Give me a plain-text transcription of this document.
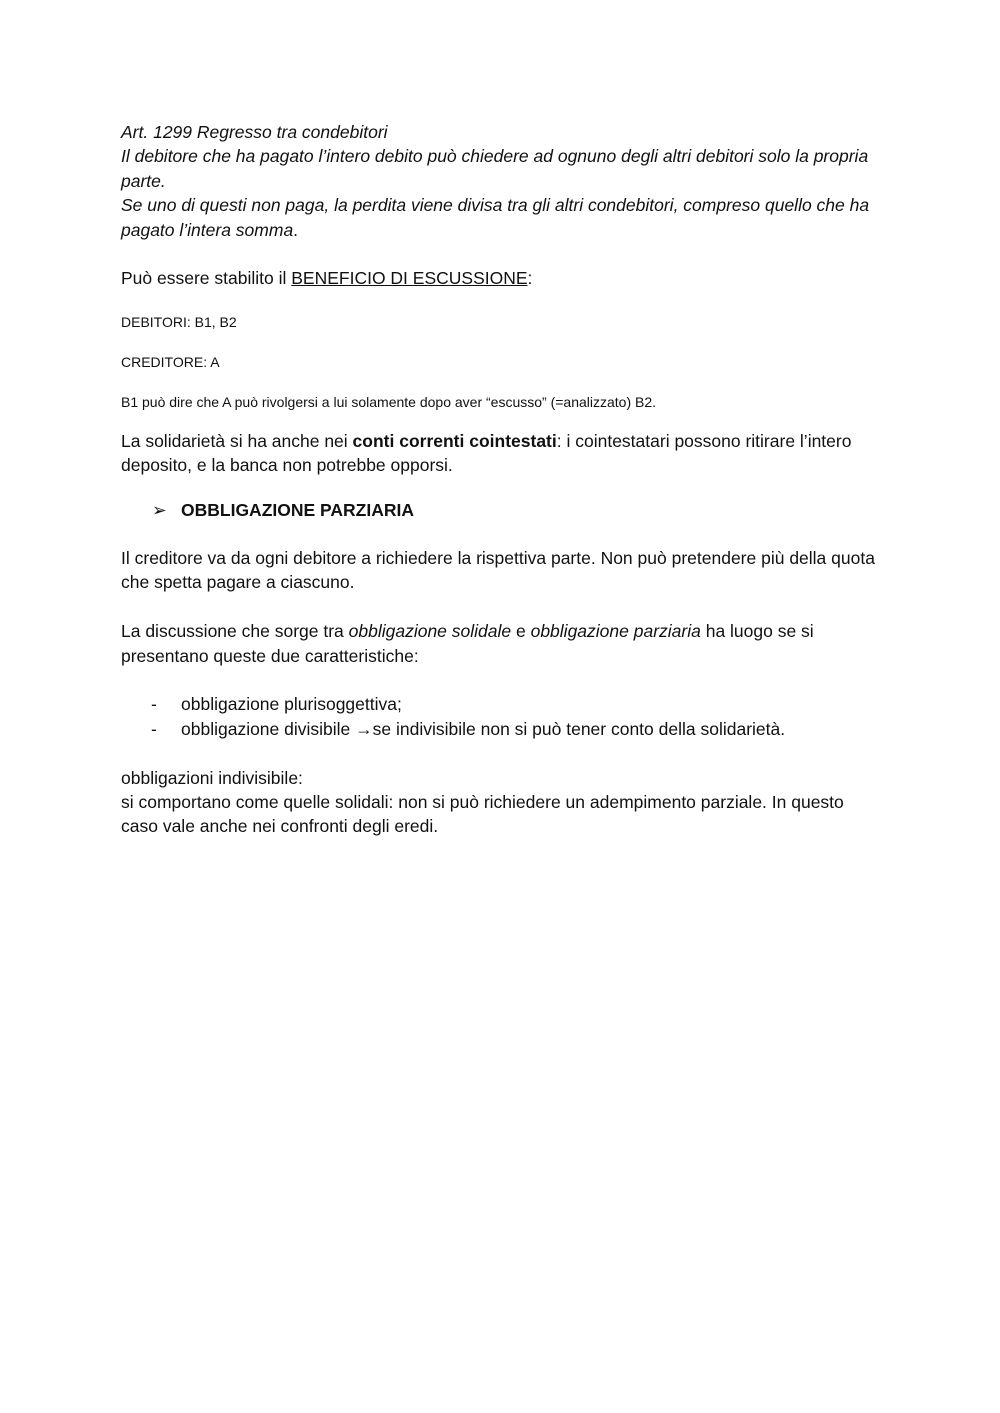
Art. 1299 Regresso tra condebitori

Il debitore che ha pagato l’intero debito può chiedere ad ognuno degli altri debitori solo la propria parte.

Se uno di questi non paga, la perdita viene divisa tra gli altri condebitori, compreso quello che ha pagato l’intera somma.

Può essere stabilito il BENEFICIO DI ESCUSSIONE:

DEBITORI: B1, B2

CREDITORE: A

B1 può dire che A può rivolgersi a lui solamente dopo aver “escusso” (=analizzato) B2.

La solidarietà si ha anche nei conti correnti cointestati: i cointestatari possono ritirare l’intero deposito, e la banca non potrebbe opporsi.

➢ OBBLIGAZIONE PARZIARIA

Il creditore va da ogni debitore a richiedere la rispettiva parte. Non può pretendere più della quota che spetta pagare a ciascuno.

La discussione che sorge tra obbligazione solidale e obbligazione parziaria ha luogo se si presentano queste due caratteristiche:

- obbligazione plurisoggettiva;
- obbligazione divisibile →se indivisibile non si può tener conto della solidarietà.

obbligazioni indivisibile:

si comportano come quelle solidali: non si può richiedere un adempimento parziale. In questo caso vale anche nei confronti degli eredi.
